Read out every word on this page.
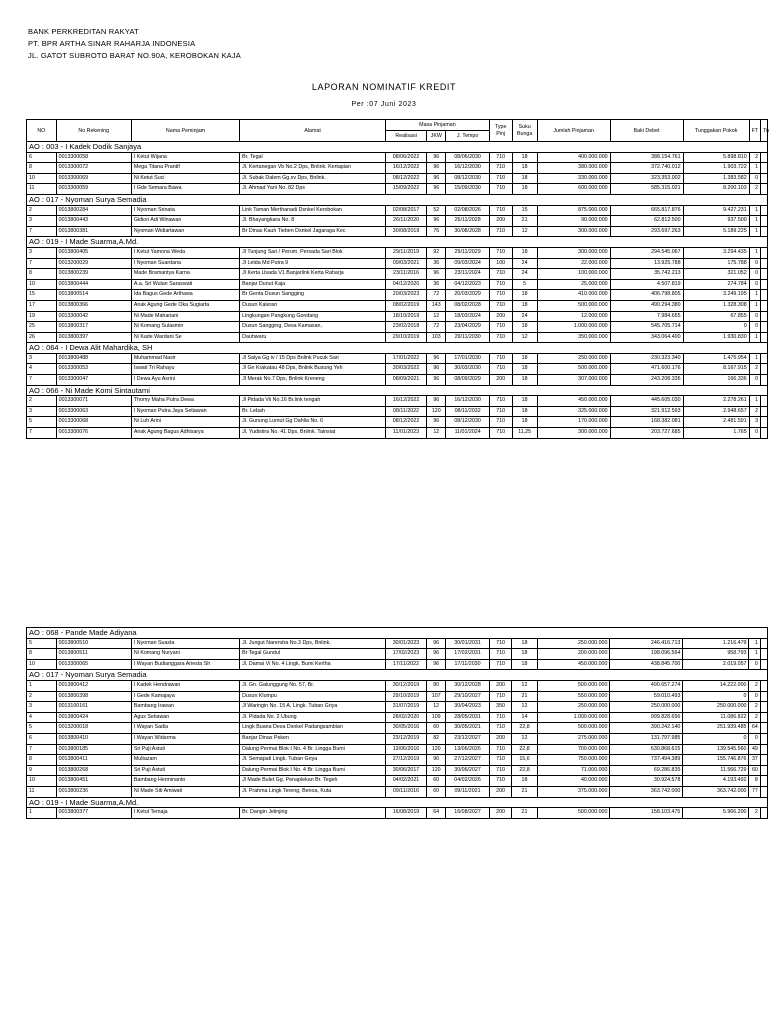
BANK PERKREDITAN RAKYAT
PT. BPR ARTHA SINAR RAHARJA INDONESIA
JL. GATOT SUBROTO BARAT NO.90A, KEROBOKAN KAJA
LAPORAN NOMINATIF KREDIT
Per :07 Juni 2023
NO	No Rekening	Nama Peminjam	Alamat	Masa Pinjaman			Type Pinj	Suku Bunga	Jumlah Pinjaman	Baki Debet	Tunggakan Pokok	FT	Tu
				Realisasi	JKW	J. Tempo							
AO : 003 - I Kadek Dodik Sanjaya													
6	0013300058	I Ketut Wijana	Br. Tegal	08/06/2022	96	08/06/2030	710	18	400.000.000	388.154.761	5.898.810	2	
8	0013300072	Mega Titana Prantif	Jl. Kertanegan Vb No.2 Dps, Bnlink. Kertapian	16/12/2022	96	16/12/2030	710	18	380.000.000	372.740.012	1.903.722	1	
10	0013300069	Ni Ketut Suci	Jl. Subak Dalem Gg.xv Dps, Bnlink.	08/12/2022	96	08/12/2030	710	18	330.000.000	323.353.002	1.383.582	0	
11	0013300059	I Gde Semara Bawa	Jl. Ahmad Yani No. 82 Dps	15/09/2022	96	15/09/2030	710	18	600.000.000	585.315.021	8.200.103	2	
AO : 017 - Nyoman Surya Semadia													
2	0013800284	I Nyoman Srinata	Link Taman Merthanadi Dsnkel Kerobokan	02/08/2017	52	02/08/2026	710	15	875.000.000	665.817.876	9.427.231	1	
3	0013800443	Gidion Adi Winawan	Jl. Bhayangkara No. 8	26/11/2020	96	26/11/2028	200	21	90.000.000	62.812.500	937.500	1	
7	0013800381	Nyoman Widiartawan	Br Dinas Kauh Tieben Dsnkel Jagaraga Kec	30/08/2019	76	30/08/2028	710	12	300.000.000	293.697.263	5.189.225	1	
AO : 019 - I Made Suarma,A.Md.													
3	0013800405	I Ketut Yamona Weda	Jl Tunjung Sari / Perum. Persada Sari Blok	29/11/2019	92	29/11/2029	710	18	300.000.000	294.545.067	3.294.435	1	
7	0013200029	I Nyoman Suardana	Jl Letda Md Putra 9	09/03/2021	36	09/03/2024	100	24	22.000.000	13.925.788	175.788	0	
8	0013800239	Made Bramantya Karna	Jl Kerta Usada V1 Banjarlink Kerta Raharja	23/11/2016	96	23/11/2024	710	24	100.000.000	35.742.213	321.052	0	
10	0013800444	A.a. Sri Wulan Saraswati	Banjar Dunut Kaja	04/12/2020	36	04/12/2023	710	5	25.000.000	4.507.819	274.784	0	
15	0013800514	Ida Bagus Gede Arthawa	Br Genta Dusun Sangging	20/03/2023	72	20/03/2029	710	18	410.000.000	406.798.805	3.249.195	1	
17	0013800366	Anak Agung Gede Oka Sugiarta	Dusun Kaleran	08/02/2019	143	08/02/2028	710	18	500.000.000	490.294.380	1.328.308	1	
19	0013300042	Ni Made Mahariani	Lingkungan Pangkung Gondang	18/10/2019	12	18/03/2024	200	24	12.000.000	7.984.655	67.855	0	
25	0013800317	Ni Komang Sulasmin	Dusun Sangging, Desa Kamasan,	23/02/2018	72	23/04/2029	710	18	1.000.000.000	545.705.714	0	0	
26	0013800397	Ni Kade Wardani Se	Dauhwaru	29/10/2019	103	29/11/2030	710	12	350.000.000	343.064.400	1.930.830	1	
AO : 064 - I Dewa Alit Mahardika, SH													
3	0013800488	Muhammad Nasir	Jl Salya Gg iv / 15 Dps Bnlink Pucuk Sari	17/01/2022	96	17/01/2030	710	18	250.000.000	230.323.340	1.475.954	1	
4	0013300053	Iswati Tri Rahayu	Jl Gn Krakatau 48 Dps, Bnlink Busung Yeh	30/03/2022	96	30/03/2030	710	18	500.000.000	471.600.176	8.167.915	2	
7	0013300047	I Dewa Ayu Asrini	Jl Merak No.7 Dps, Bnlink Kreneng	08/09/2021	96	08/09/2029	200	18	307.000.000	243.208.336	166.336	0	
AO : 066 - Ni Made Komi Sintautami													
2	0013300071	Thomy Maha Putra Dewa	Jl Pidada Vii No.16 Br.link tengah	16/12/2022	96	16/12/2030	710	18	450.000.000	445.605.030	2.278.261	1	
3	0013300063	I Nyoman Putra Jaya Setiawan	Br. Lebah	08/11/2022	120	08/11/2032	710	18	325.000.000	321.912.593	2.948.657	2	
5	0013300068	Ni Luh Arini	Jl. Gunung Lumut Gg Dahlia No. 6	08/12/2022	96	08/12/2030	710	18	170.000.000	168.382.081	2.481.591	3	
7	0013300076	Anak Agung Bagus Adhisarya	Jl. Yudistira No. 41 Dps, Bnlink. Tainsiat	11/01/2023	12	11/01/2024	710	11,25	300.000.000	203.727.685	1.765	0	
AO : 068 - Pande Made Adiyana													
5	0013800510	I Nyoman Suasta	Jl. Jungut Narendra No.3 Dps, Bnlink.	30/01/2023	96	30/01/2031	710	18	250.000.000	246.416.713	1.216.479	1	
8	0013800511	Ni Komang Nuryani	Br Tegal Gundul	17/02/2023	96	17/02/2031	710	18	200.000.000	198.096.564	958.793	1	
10	0013300065	I Wayan Budianggara Ariesta Sh	Jl. Damai Vi No. 4 Lingk. Bumi Kertha	17/11/2022	96	17/11/2030	710	18	450.000.000	438.845.700	2.019.057	0	
AO : 017 - Nyoman Surya Semadia													
1	0013800412	I Kadek Hendrawan	Jl. Gn. Galunggung No. 57, Br.	30/12/2019	80	30/12/2028	200	12	500.000.000	490.657.274	14.222.000	2	
2	0013800398	I Gede Kamajaya	Dusun Klumpu	29/10/2019	107	29/10/2027	710	21	550.000.000	59.010.493	0	0	
3	0013100161	Bambang Irawan	Jl Waringin No. 15 A, Lingk. Tuban Griya	31/07/2019	12	30/04/2023	350	12	250.000.000	250.000.000	250.000.000	2	
4	0013800424	Agus Setiawan	Jl. Pidada No. 2 Ubung	28/02/2020	109	28/05/2031	710	14	1.000.000.000	999.828.656	11.086.822	2	
5	0013200018	I Wayan Sadia	Lingk Buana Desa Dsnkel Padangsambian	30/05/2016	60	30/05/2021	710	22,8	500.000.000	390.242.140	251.939.485	64	
6	0013800410	I Wayan Widarma	Banjar Dinas Peken	23/12/2019	82	23/12/2027	200	12	275.000.000	131.797.985	0	0	
7	0013800185	Sri Puji Astuti	Dalung Permai Blok I No. 4 Br. Lingga Bumi	13/06/2016	120	13/06/2026	710	22,8	700.000.000	630.868.615	139.545.560	49	
8	0013800411	Multazam	Jl. Semapati Lingk. Tuban Griya	27/12/2019	96	27/12/2027	710	15,6	750.000.000	737.494.389	155.746.876	37	
9	0013800268	Sri Puji Astuti	Dalung Permai Blok I No. 4 Br. Lingga Bumi	30/06/2017	120	30/06/2027	710	22,8	71.000.000	69.286.835	11.566.729	60	
10	0013800451	Bambang Herminanto	Jl Made Bulet Gg. Penaplekan Br. Tegeh	04/02/2021	60	04/02/2026	710	18	40.000.000	30.924.578	4.193.492	8	
11	0013800236	Ni Made Siti Amiwati	Jl. Prahma Lingk Tereng, Benoa, Kuta	09/11/2016	60	09/11/2021	200	21	375.000.000	363.742.000	363.742.000	77	
AO : 019 - I Made Suarma,A.Md.													
1	0013800377	I Ketut Temaja	Br. Dangin Jelinjing	16/08/2019	64	16/08/2027	200	21	500.000.000	158.103.475	5.966.200	2	
